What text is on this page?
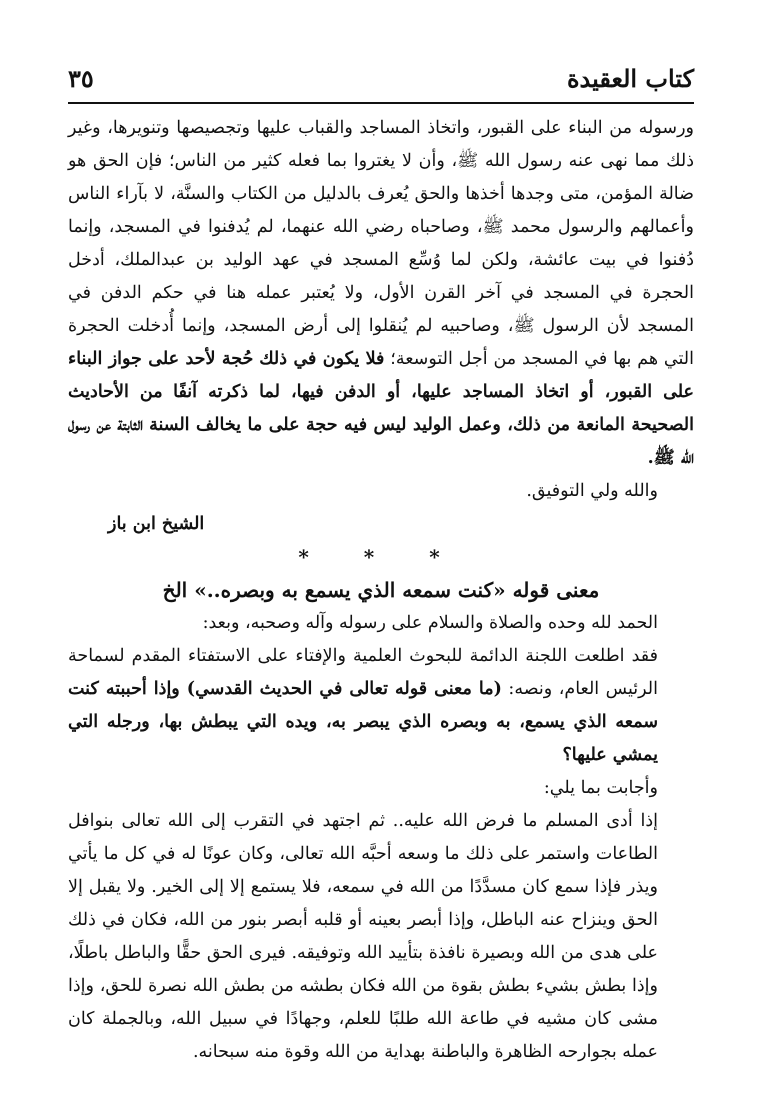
كتاب العقيدة
٣٥

ورسوله من البناء على القبور، واتخاذ المساجد والقباب عليها وتجصيصها وتنويرها، وغير ذلك مما نهى عنه رسول الله ﷺ، وأن لا يغتروا بما فعله كثير من الناس؛ فإن الحق هو ضالة المؤمن، متى وجدها أخذها والحق يُعرف بالدليل من الكتاب والسنَّة، لا بآراء الناس وأعمالهم والرسول محمد ﷺ، وصاحباه رضي الله عنهما، لم يُدفنوا في المسجد، وإنما دُفنوا في بيت عائشة، ولكن لما وُسِّع المسجد في عهد الوليد بن عبدالملك، أدخل الحجرة في المسجد في آخر القرن الأول، ولا يُعتبر عمله هنا في حكم الدفن في المسجد لأن الرسول ﷺ، وصاحبيه لم يُنقلوا إلى أرض المسجد، وإنما أُدخلت الحجرة التي هم بها في المسجد من أجل التوسعة؛ فلا يكون في ذلك حُجة لأحد على جواز البناء على القبور، أو اتخاذ المساجد عليها، أو الدفن فيها، لما ذكرته آنفًا من الأحاديث الصحيحة المانعة من ذلك، وعمل الوليد ليس فيه حجة على ما يخالف السنة الثابتة عن رسول الله ﷺ.

والله ولي التوفيق.

الشيخ ابن باز

* * *

معنى قوله «كنت سمعه الذي يسمع به وبصره..» الخ

الحمد لله وحده والصلاة والسلام على رسوله وآله وصحبه، وبعد:

فقد اطلعت اللجنة الدائمة للبحوث العلمية والإفتاء على الاستفتاء المقدم لسماحة الرئيس العام، ونصه: (ما معنى قوله تعالى في الحديث القدسي) وإذا أحببته كنت سمعه الذي يسمع، به وبصره الذي يبصر به، ويده التي يبطش بها، ورجله التي يمشي عليها؟

وأجابت بما يلي:

إذا أدى المسلم ما فرض الله عليه.. ثم اجتهد في التقرب إلى الله تعالى بنوافل الطاعات واستمر على ذلك ما وسعه أحبَّه الله تعالى، وكان عونًا له في كل ما يأتي ويذر فإذا سمع كان مسدَّدًا من الله في سمعه، فلا يستمع إلا إلى الخير. ولا يقبل إلا الحق وينزاح عنه الباطل، وإذا أبصر بعينه أو قلبه أبصر بنور من الله، فكان في ذلك على هدى من الله وبصيرة نافذة بتأييد الله وتوفيقه. فيرى الحق حقًّا والباطل باطلًا، وإذا بطش بشيء بطش بقوة من الله فكان بطشه من بطش الله نصرة للحق، وإذا مشى كان مشيه في طاعة الله طلبًا للعلم، وجهادًا في سبيل الله، وبالجملة كان عمله بجوارحه الظاهرة والباطنة بهداية من الله وقوة منه سبحانه.
